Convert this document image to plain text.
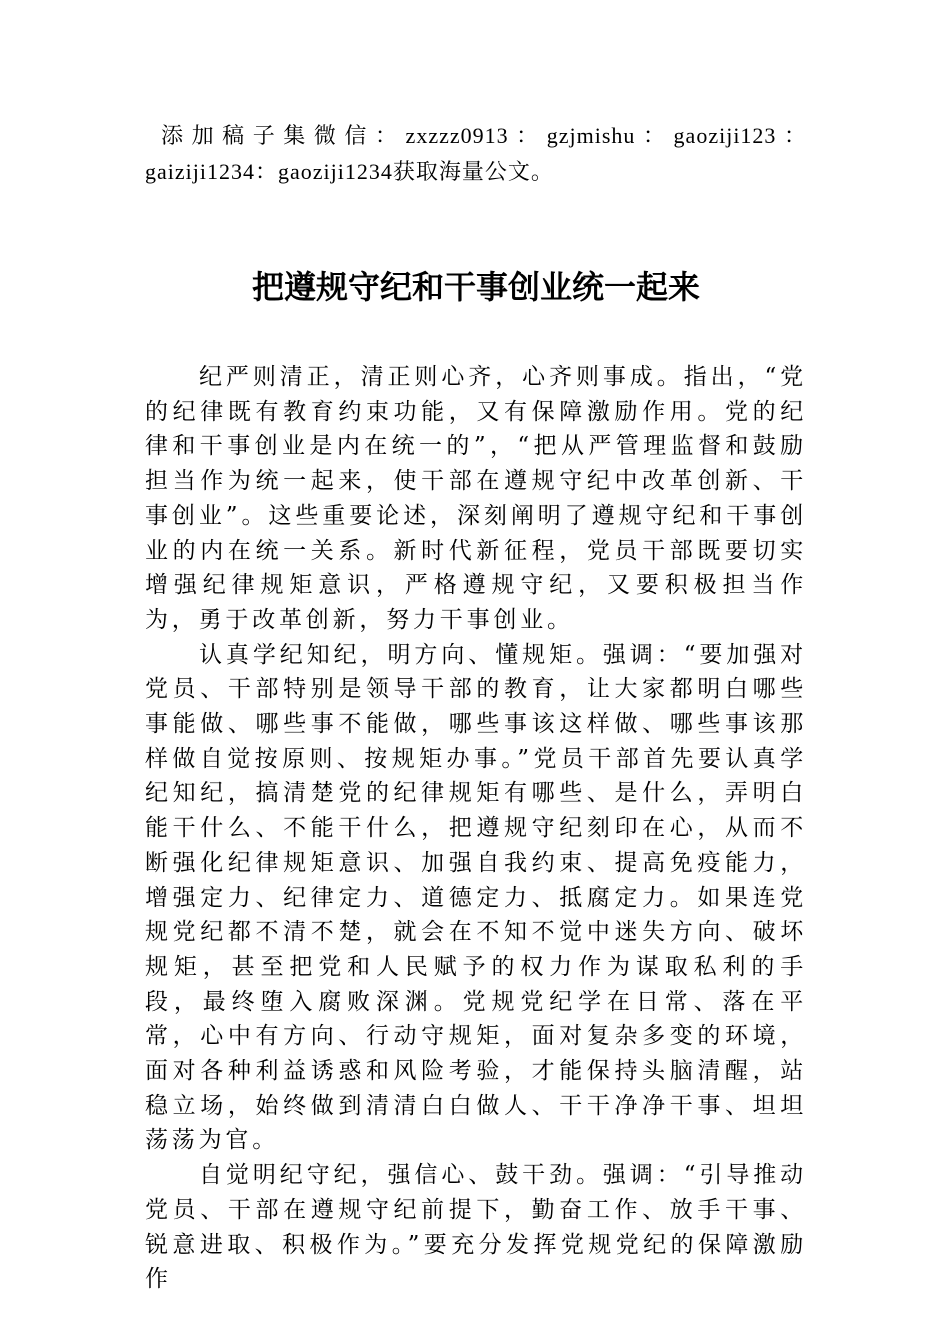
添加稿子集微信：zxzzz0913：gzjmishu：gaoziji123：gaiziji1234：gaoziji1234获取海量公文。

把遵规守纪和干事创业统一起来

纪严则清正，清正则心齐，心齐则事成。指出，“党的纪律既有教育约束功能，又有保障激励作用。党的纪律和干事创业是内在统一的”，“把从严管理监督和鼓励担当作为统一起来，使干部在遵规守纪中改革创新、干事创业”。这些重要论述，深刻阐明了遵规守纪和干事创业的内在统一关系。新时代新征程，党员干部既要切实增强纪律规矩意识，严格遵规守纪，又要积极担当作为，勇于改革创新，努力干事创业。

认真学纪知纪，明方向、懂规矩。强调：“要加强对党员、干部特别是领导干部的教育，让大家都明白哪些事能做、哪些事不能做，哪些事该这样做、哪些事该那样做自觉按原则、按规矩办事。”党员干部首先要认真学纪知纪，搞清楚党的纪律规矩有哪些、是什么，弄明白能干什么、不能干什么，把遵规守纪刻印在心，从而不断强化纪律规矩意识、加强自我约束、提高免疫能力，增强定力、纪律定力、道德定力、抵腐定力。如果连党规党纪都不清不楚，就会在不知不觉中迷失方向、破坏规矩，甚至把党和人民赋予的权力作为谋取私利的手段，最终堕入腐败深渊。党规党纪学在日常、落在平常，心中有方向、行动守规矩，面对复杂多变的环境，面对各种利益诱惑和风险考验，才能保持头脑清醒，站稳立场，始终做到清清白白做人、干干净净干事、坦坦荡荡为官。

自觉明纪守纪，强信心、鼓干劲。强调：“引导推动党员、干部在遵规守纪前提下，勤奋工作、放手干事、锐意进取、积极作为。”要充分发挥党规党纪的保障激励作
